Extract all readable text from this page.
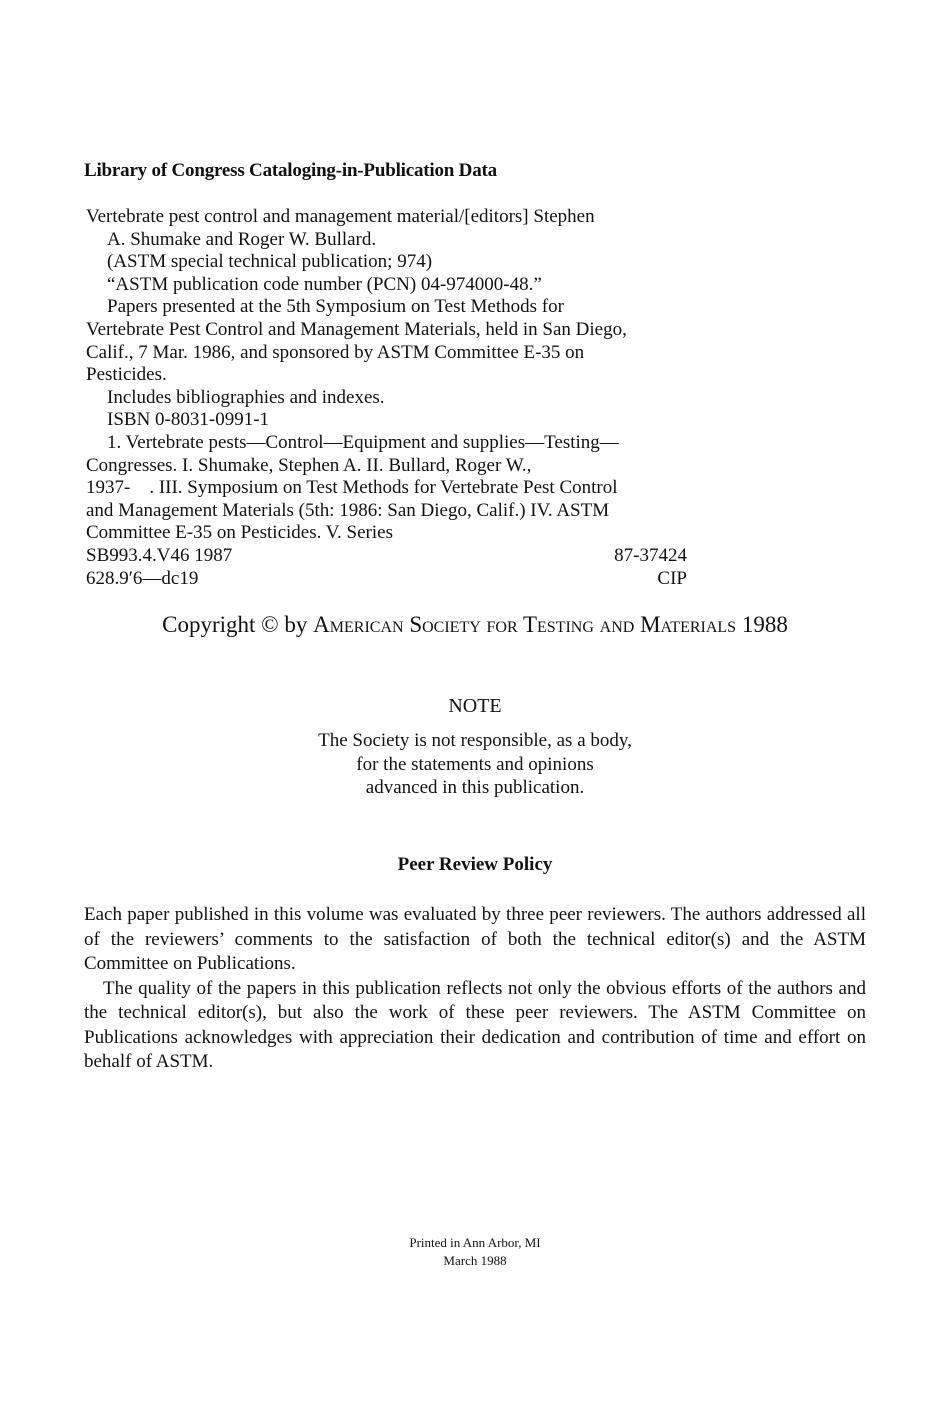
Library of Congress Cataloging-in-Publication Data
Vertebrate pest control and management material/[editors] Stephen
A. Shumake and Roger W. Bullard.
(ASTM special technical publication; 974)
“ASTM publication code number (PCN) 04-974000-48.”
Papers presented at the 5th Symposium on Test Methods for
Vertebrate Pest Control and Management Materials, held in San Diego,
Calif., 7 Mar. 1986, and sponsored by ASTM Committee E-35 on
Pesticides.
Includes bibliographies and indexes.
ISBN 0-8031-0991-1
1. Vertebrate pests—Control—Equipment and supplies—Testing—
Congresses. I. Shumake, Stephen A. II. Bullard, Roger W.,
1937-    . III. Symposium on Test Methods for Vertebrate Pest Control
and Management Materials (5th: 1986: San Diego, Calif.) IV. ASTM
Committee E-35 on Pesticides. V. Series
SB993.4.V46 1987	87-37424
628.9′6—dc19	CIP
Copyright © by American Society for Testing and Materials 1988
NOTE
The Society is not responsible, as a body,
for the statements and opinions
advanced in this publication.
Peer Review Policy

Each paper published in this volume was evaluated by three peer reviewers. The authors addressed all of the reviewers’ comments to the satisfaction of both the technical editor(s) and the ASTM Committee on Publications.

The quality of the papers in this publication reflects not only the obvious efforts of the authors and the technical editor(s), but also the work of these peer reviewers. The ASTM Committee on Publications acknowledges with appreciation their dedication and contribution of time and effort on behalf of ASTM.

Printed in Ann Arbor, MI
March 1988
